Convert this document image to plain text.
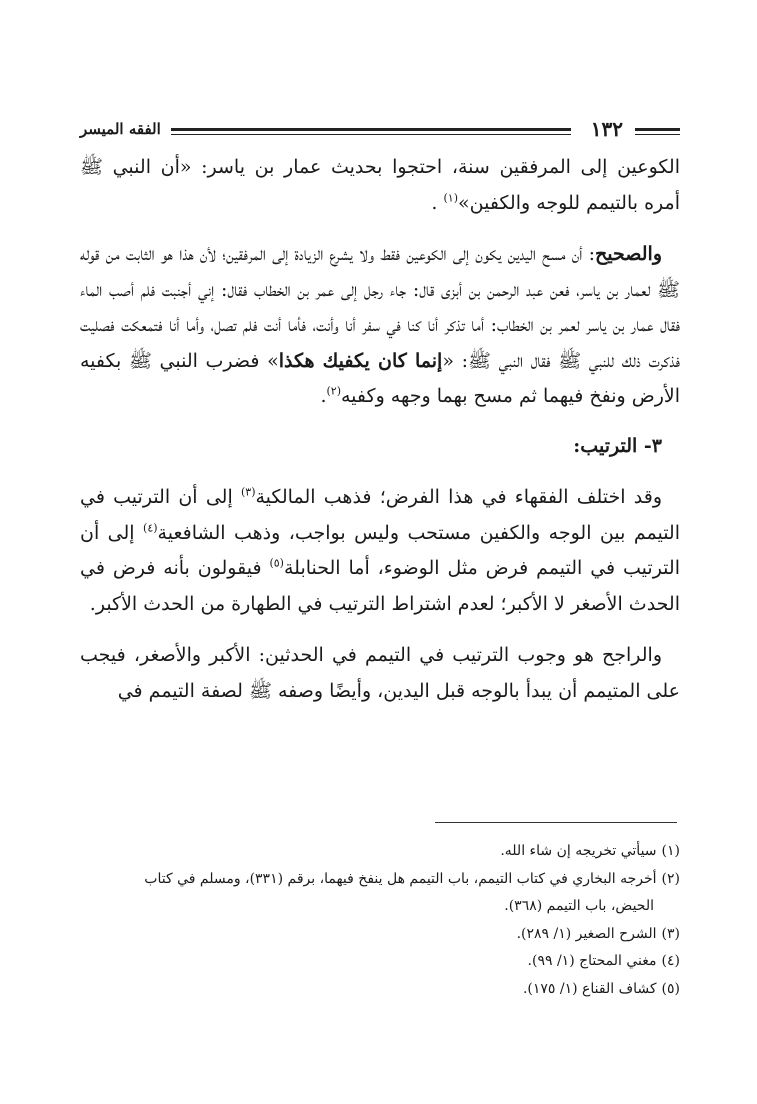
١٣٢
الفقه الميسر

الكوعين إلى المرفقين سنة، احتجوا بحديث عمار بن ياسر: «أن النبي ﷺ أمره بالتيمم للوجه والكفين»$^{(١)}$ .

والصحيح: أن مسح اليدين يكون إلى الكوعين فقط ولا يشرع الزيادة إلى المرفقين؛ لأن هذا هو الثابت من قوله ﷺ لعمار بن ياسر، فعن عبد الرحمن بن أبزى قال: جاء رجل إلى عمر بن الخطاب فقال: إني أجنبت فلم أصب الماء فقال عمار بن ياسر لعمر بن الخطاب: أما تذكر أنا كنا في سفر أنا وأنت، فأما أنت فلم تصل، وأما أنا فتمعكت فصليت فذكرت ذلك للنبي ﷺ فقال النبي ﷺ: «إنما كان يكفيك هكذا» فضرب النبي ﷺ بكفيه الأرض ونفخ فيهما ثم مسح بهما وجهه وكفيه$^{(٢)}$.

٣- الترتيب:

وقد اختلف الفقهاء في هذا الفرض؛ فذهب المالكية$^{(٣)}$ إلى أن الترتيب في التيمم بين الوجه والكفين مستحب وليس بواجب، وذهب الشافعية$^{(٤)}$ إلى أن الترتيب في التيمم فرض مثل الوضوء، أما الحنابلة$^{(٥)}$ فيقولون بأنه فرض في الحدث الأصغر لا الأكبر؛ لعدم اشتراط الترتيب في الطهارة من الحدث الأكبر.

والراجح هو وجوب الترتيب في التيمم في الحدثين: الأكبر والأصغر، فيجب على المتيمم أن يبدأ بالوجه قبل اليدين، وأيضًا وصفه ﷺ لصفة التيمم في

(١)سيأتي تخريجه إن شاء الله.

(٢)أخرجه البخاري في كتاب التيمم، باب التيمم هل ينفخ فيهما، برقم (٣٣١)، ومسلم في كتاب

الحيض، باب التيمم (٣٦٨).

(٣)الشرح الصغير (١/ ٢٨٩).

(٤)مغني المحتاج (١/ ٩٩).

(٥)كشاف القناع (١/ ١٧٥).
